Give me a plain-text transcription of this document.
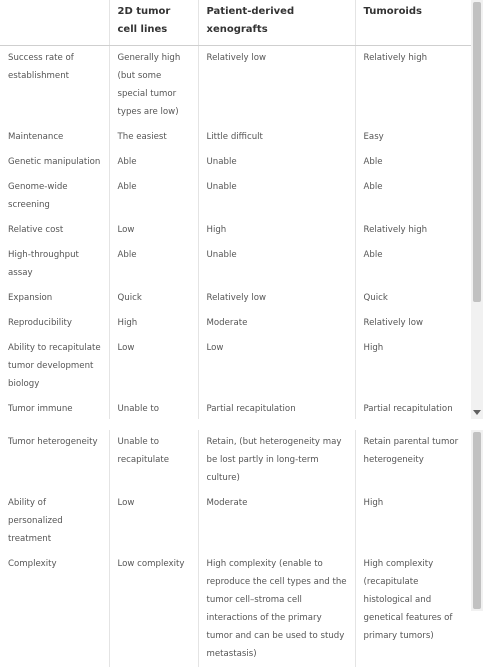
	2D tumor cell lines	Patient-derived xenografts	Tumoroids
Success rate of establishment	Generally high (but some special tumor types are low)	Relatively low	Relatively high
Maintenance	The easiest	Little difficult	Easy
Genetic manipulation	Able	Unable	Able
Genome-wide screening	Able	Unable	Able
Relative cost	Low	High	Relatively high
High-throughput assay	Able	Unable	Able
Expansion	Quick	Relatively low	Quick
Reproducibility	High	Moderate	Relatively low
Ability to recapitulate tumor development biology	Low	Low	High
Tumor immune	Unable to	Partial recapitulation	Partial recapitulation
Tumor heterogeneity	Unable to recapitulate	Retain, (but heterogeneity may be lost partly in long-term culture)	Retain parental tumor heterogeneity
Ability of personalized treatment	Low	Moderate	High
Complexity	Low complexity	High complexity (enable to reproduce the cell types and the tumor cell–stroma cell interactions of the primary tumor and can be used to study metastasis)	High complexity (recapitulate histological and genetical features of primary tumors)
